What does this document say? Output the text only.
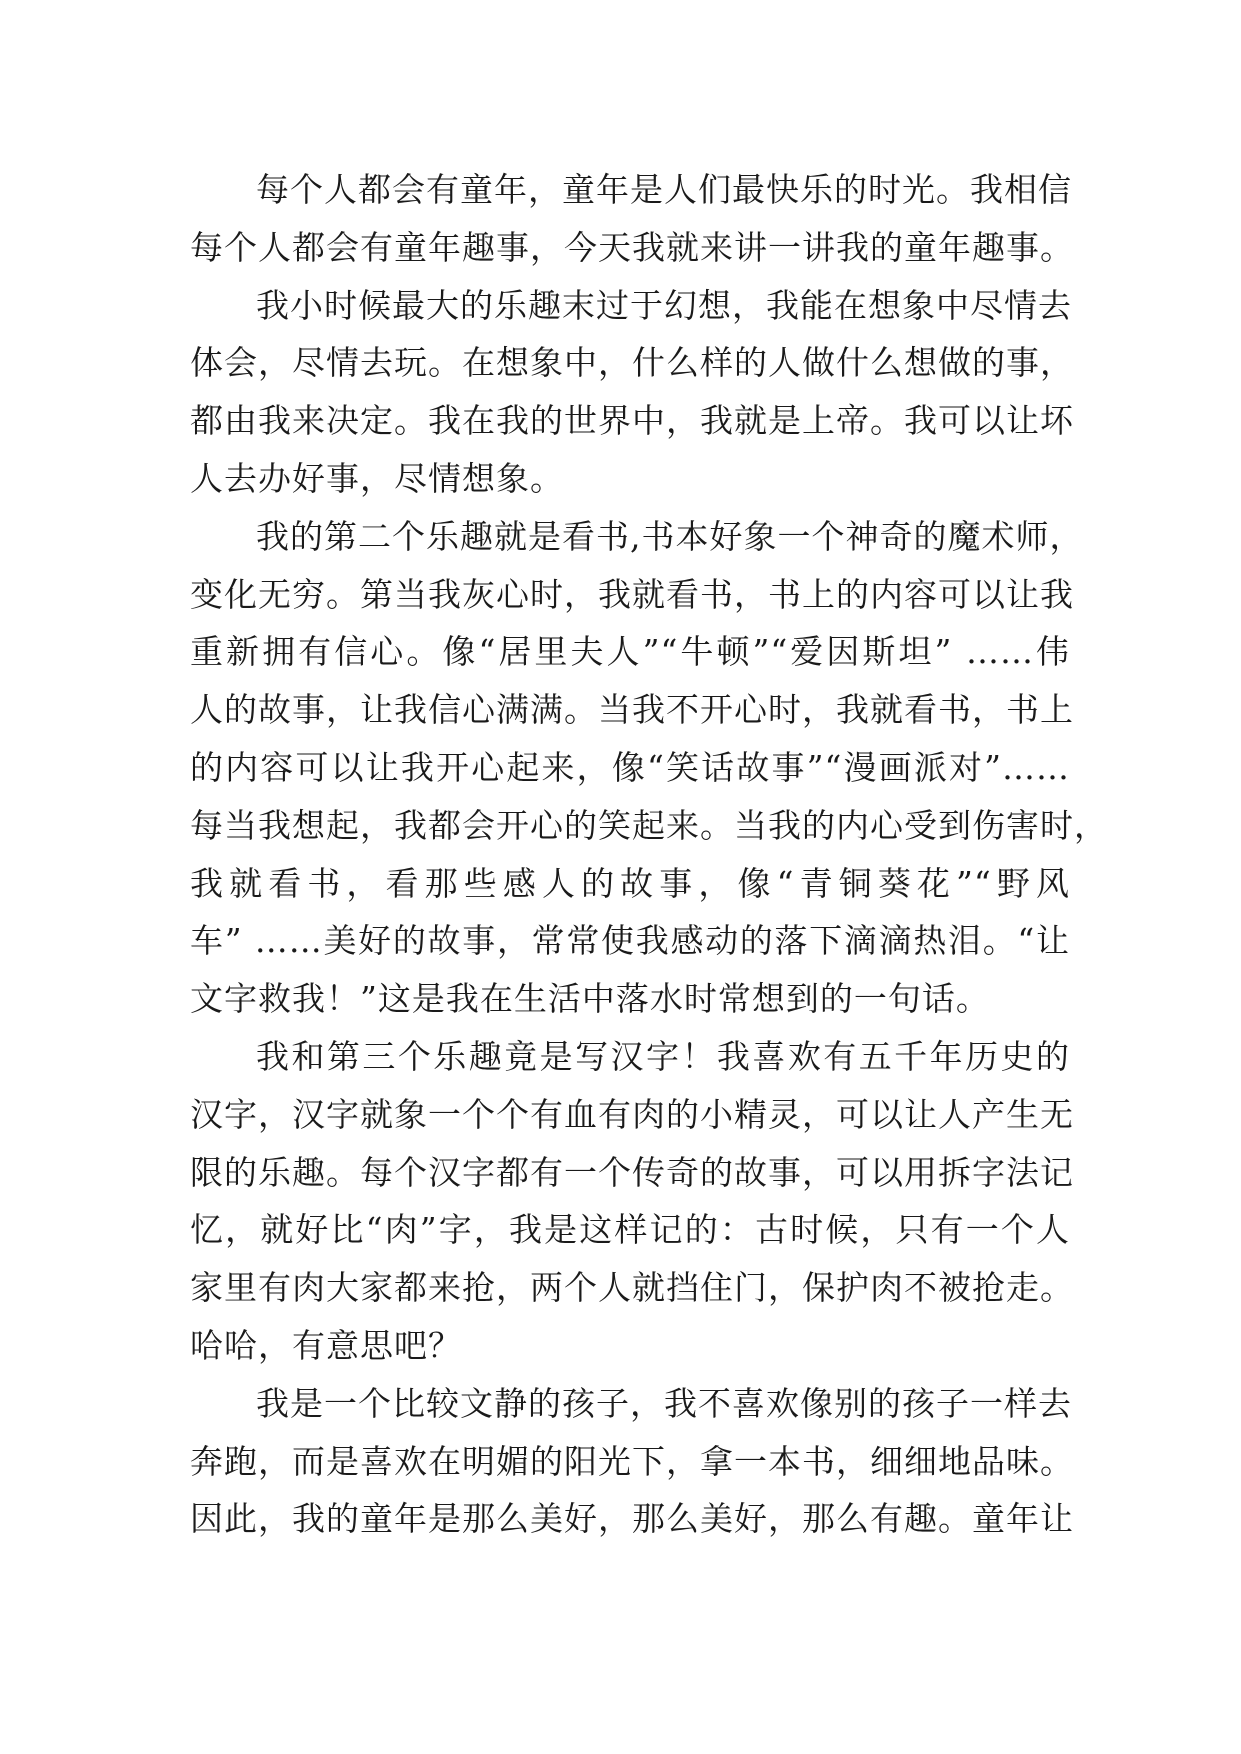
每个人都会有童年，童年是人们最快乐的时光。我相信
每个人都会有童年趣事，今天我就来讲一讲我的童年趣事。
我小时候最大的乐趣末过于幻想，我能在想象中尽情去
体会，尽情去玩。在想象中，什么样的人做什么想做的事，
都由我来决定。我在我的世界中，我就是上帝。我可以让坏
人去办好事，尽情想象。
我的第二个乐趣就是看书,书本好象一个神奇的魔术师，
变化无穷。第当我灰心时，我就看书，书上的内容可以让我
重新拥有信心。像“居里夫人”“牛顿”“爱因斯坦” ……伟
人的故事，让我信心满满。当我不开心时，我就看书，书上
的内容可以让我开心起来，像“笑话故事”“漫画派对”……
每当我想起，我都会开心的笑起来。当我的内心受到伤害时，
我就看书，看那些感人的故事，像“青铜葵花”“野风
车” ……美好的故事，常常使我感动的落下滴滴热泪。“让
文字救我！”这是我在生活中落水时常想到的一句话。
我和第三个乐趣竟是写汉字！我喜欢有五千年历史的
汉字，汉字就象一个个有血有肉的小精灵，可以让人产生无
限的乐趣。每个汉字都有一个传奇的故事，可以用拆字法记
忆，就好比“肉”字，我是这样记的：古时候，只有一个人
家里有肉大家都来抢，两个人就挡住门，保护肉不被抢走。
哈哈，有意思吧？
我是一个比较文静的孩子，我不喜欢像别的孩子一样去
奔跑，而是喜欢在明媚的阳光下，拿一本书，细细地品味。
因此，我的童年是那么美好，那么美好，那么有趣。童年让
